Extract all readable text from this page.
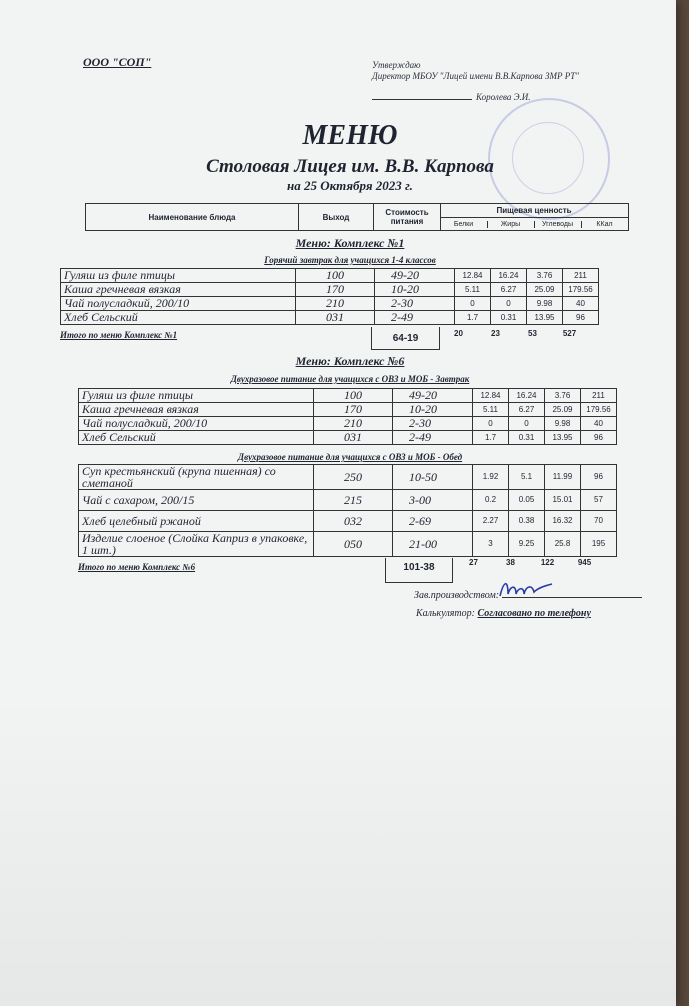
ООО "СОП"	Утверждаю
Директор МБОУ "Лицей имени В.В.Карпова ЗМР РТ"
Королева Э.И.
МЕНЮ
Столовая Лицея им. В.В. Карпова
на 25 Октября 2023 г.
Наименование блюда	Выход	Стоимость питания
Пищевая ценность
Белки	Жиры	Углеводы	ККал
Меню: Комплекс №1
Горячий завтрак для учащихся 1-4 классов
Гуляш из филе птицы	100	49-20	12.84	16.24	3.76	211
Каша гречневая вязкая	170	10-20	5.11	6.27	25.09	179.56
Чай полусладкий, 200/10	210	2-30	0	0	9.98	40
Хлеб Сельский	031	2-49	1.7	0.31	13.95	96
Итого по меню Комплекс №1	64-19	20	23	53	527
Меню: Комплекс №6
Двухразовое питание для учащихся с ОВЗ и МОБ - Завтрак
Гуляш из филе птицы	100	49-20	12.84	16.24	3.76	211
Каша гречневая вязкая	170	10-20	5.11	6.27	25.09	179.56
Чай полусладкий, 200/10	210	2-30	0	0	9.98	40
Хлеб Сельский	031	2-49	1.7	0.31	13.95	96
Двухразовое питание для учащихся с ОВЗ и МОБ - Обед
Суп крестьянский (крупа пшенная) со сметаной	250	10-50	1.92	5.1	11.99	96
Чай с сахаром, 200/15	215	3-00	0.2	0.05	15.01	57
Хлеб целебный ржаной	032	2-69	2.27	0.38	16.32	70
Изделие слоеное (Слойка Каприз в упаковке, 1 шт.)	050	21-00	3	9.25	25.8	195
Итого по меню Комплекс №6	101-38	27	38	122	945
Зав.производством:
Калькулятор: Согласовано по телефону
